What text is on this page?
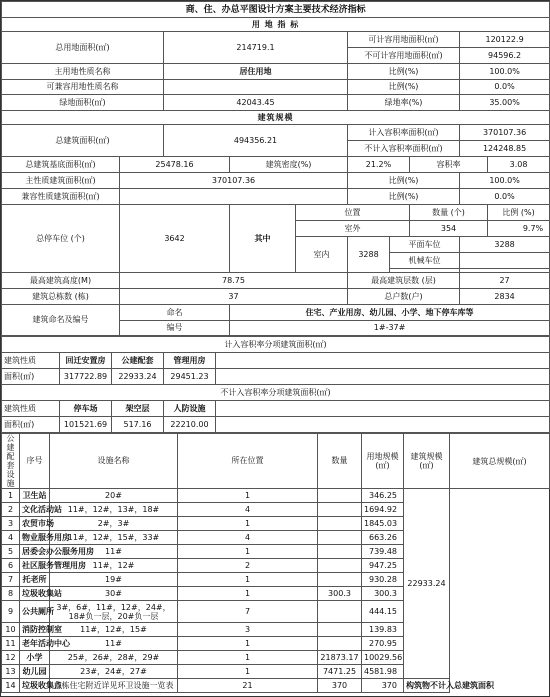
商、住、办总平图设计方案主要技术经济指标										
用 地 指 标										
总用地面积(㎡)		214719.1			可计容用地面积(㎡)			120122.9		
					不可计容用地面积(㎡)			94596.2		
主用地性质名称		居住用地			比例(%)			100.0%		
可兼容用地性质名称					比例(%)			0.0%		
绿地面积(㎡)		42043.45			绿地率(%)			35.00%		
建筑规模										
总建筑面积(㎡)		494356.21			计入容积率面积(㎡)			370107.36		
					不计入容积率面积(㎡)			124248.85		
总建筑基底面积(㎡)	25478.16		建筑密度(%)		21.2%		容积率		3.08	
主性质建筑面积(㎡)	370107.36				比例(%)			100.0%		
兼容性质建筑面积(㎡)					比例(%)			0.0%		
总停车位 (个)	3642		其中	位置			数量 (个)		比例 (%)	
				室外			354		9.7%	
				室内	3288	平面车位		3288	
						机械车位		

最高建筑高度(M)	78.75				最高建筑层数 (层)			27		
建筑总栋数 (栋)	37				总户数(户)			2834		
建筑命名及编号	命名		住宅、产业用房、幼儿园、小学、地下停车库等							
	编号		1#-37#							
计入容积率分项建筑面积(㎡)				
建筑性质	回迁安置房	公建配套	管理用房	
面积(㎡)	317722.89	22933.24	29451.23	
不计入容积率分项建筑面积(㎡)				
建筑性质	停车场	架空层	人防设施	
面积(㎡)	101521.69	517.16	22210.00	
公建配套设施	序号	设施名称	所在位置	数量	用地规模(㎡)	建筑规模(㎡)	建筑总规模(㎡)
1	卫生站	20#	1		346.25	22933.24	
2	文化活动站	11#，12#，13#，18#	4		1694.92		
3	农贸市场	2#，3#	1		1845.03		
4	物业服务用房	11#，12#，15#，33#	4		663.26		
5	居委会办公服务用房	11#	1		739.48		
6	社区服务管理用房	11#，12#	2		947.25		
7	托老所	19#	1		930.28		
8	垃圾收集站	30#	1	300.3	300.3		
9	公共厕所	3#，6#，11#，12#，24#，18#负一层，20#负一层	7		444.15		
10	消防控制室	11#，12#，15#	3		139.83		
11	老年活动中心	11#	1		270.95		
12	小学	25#，26#，28#，29#	1	21873.17	10029.56		
13	幼儿园	23#，24#，27#	1	7471.25	4581.98		
14	垃圾收集点	各栋住宅附近详见环卫设施一览表	21	370	370	构筑物不计入总建筑面积	
